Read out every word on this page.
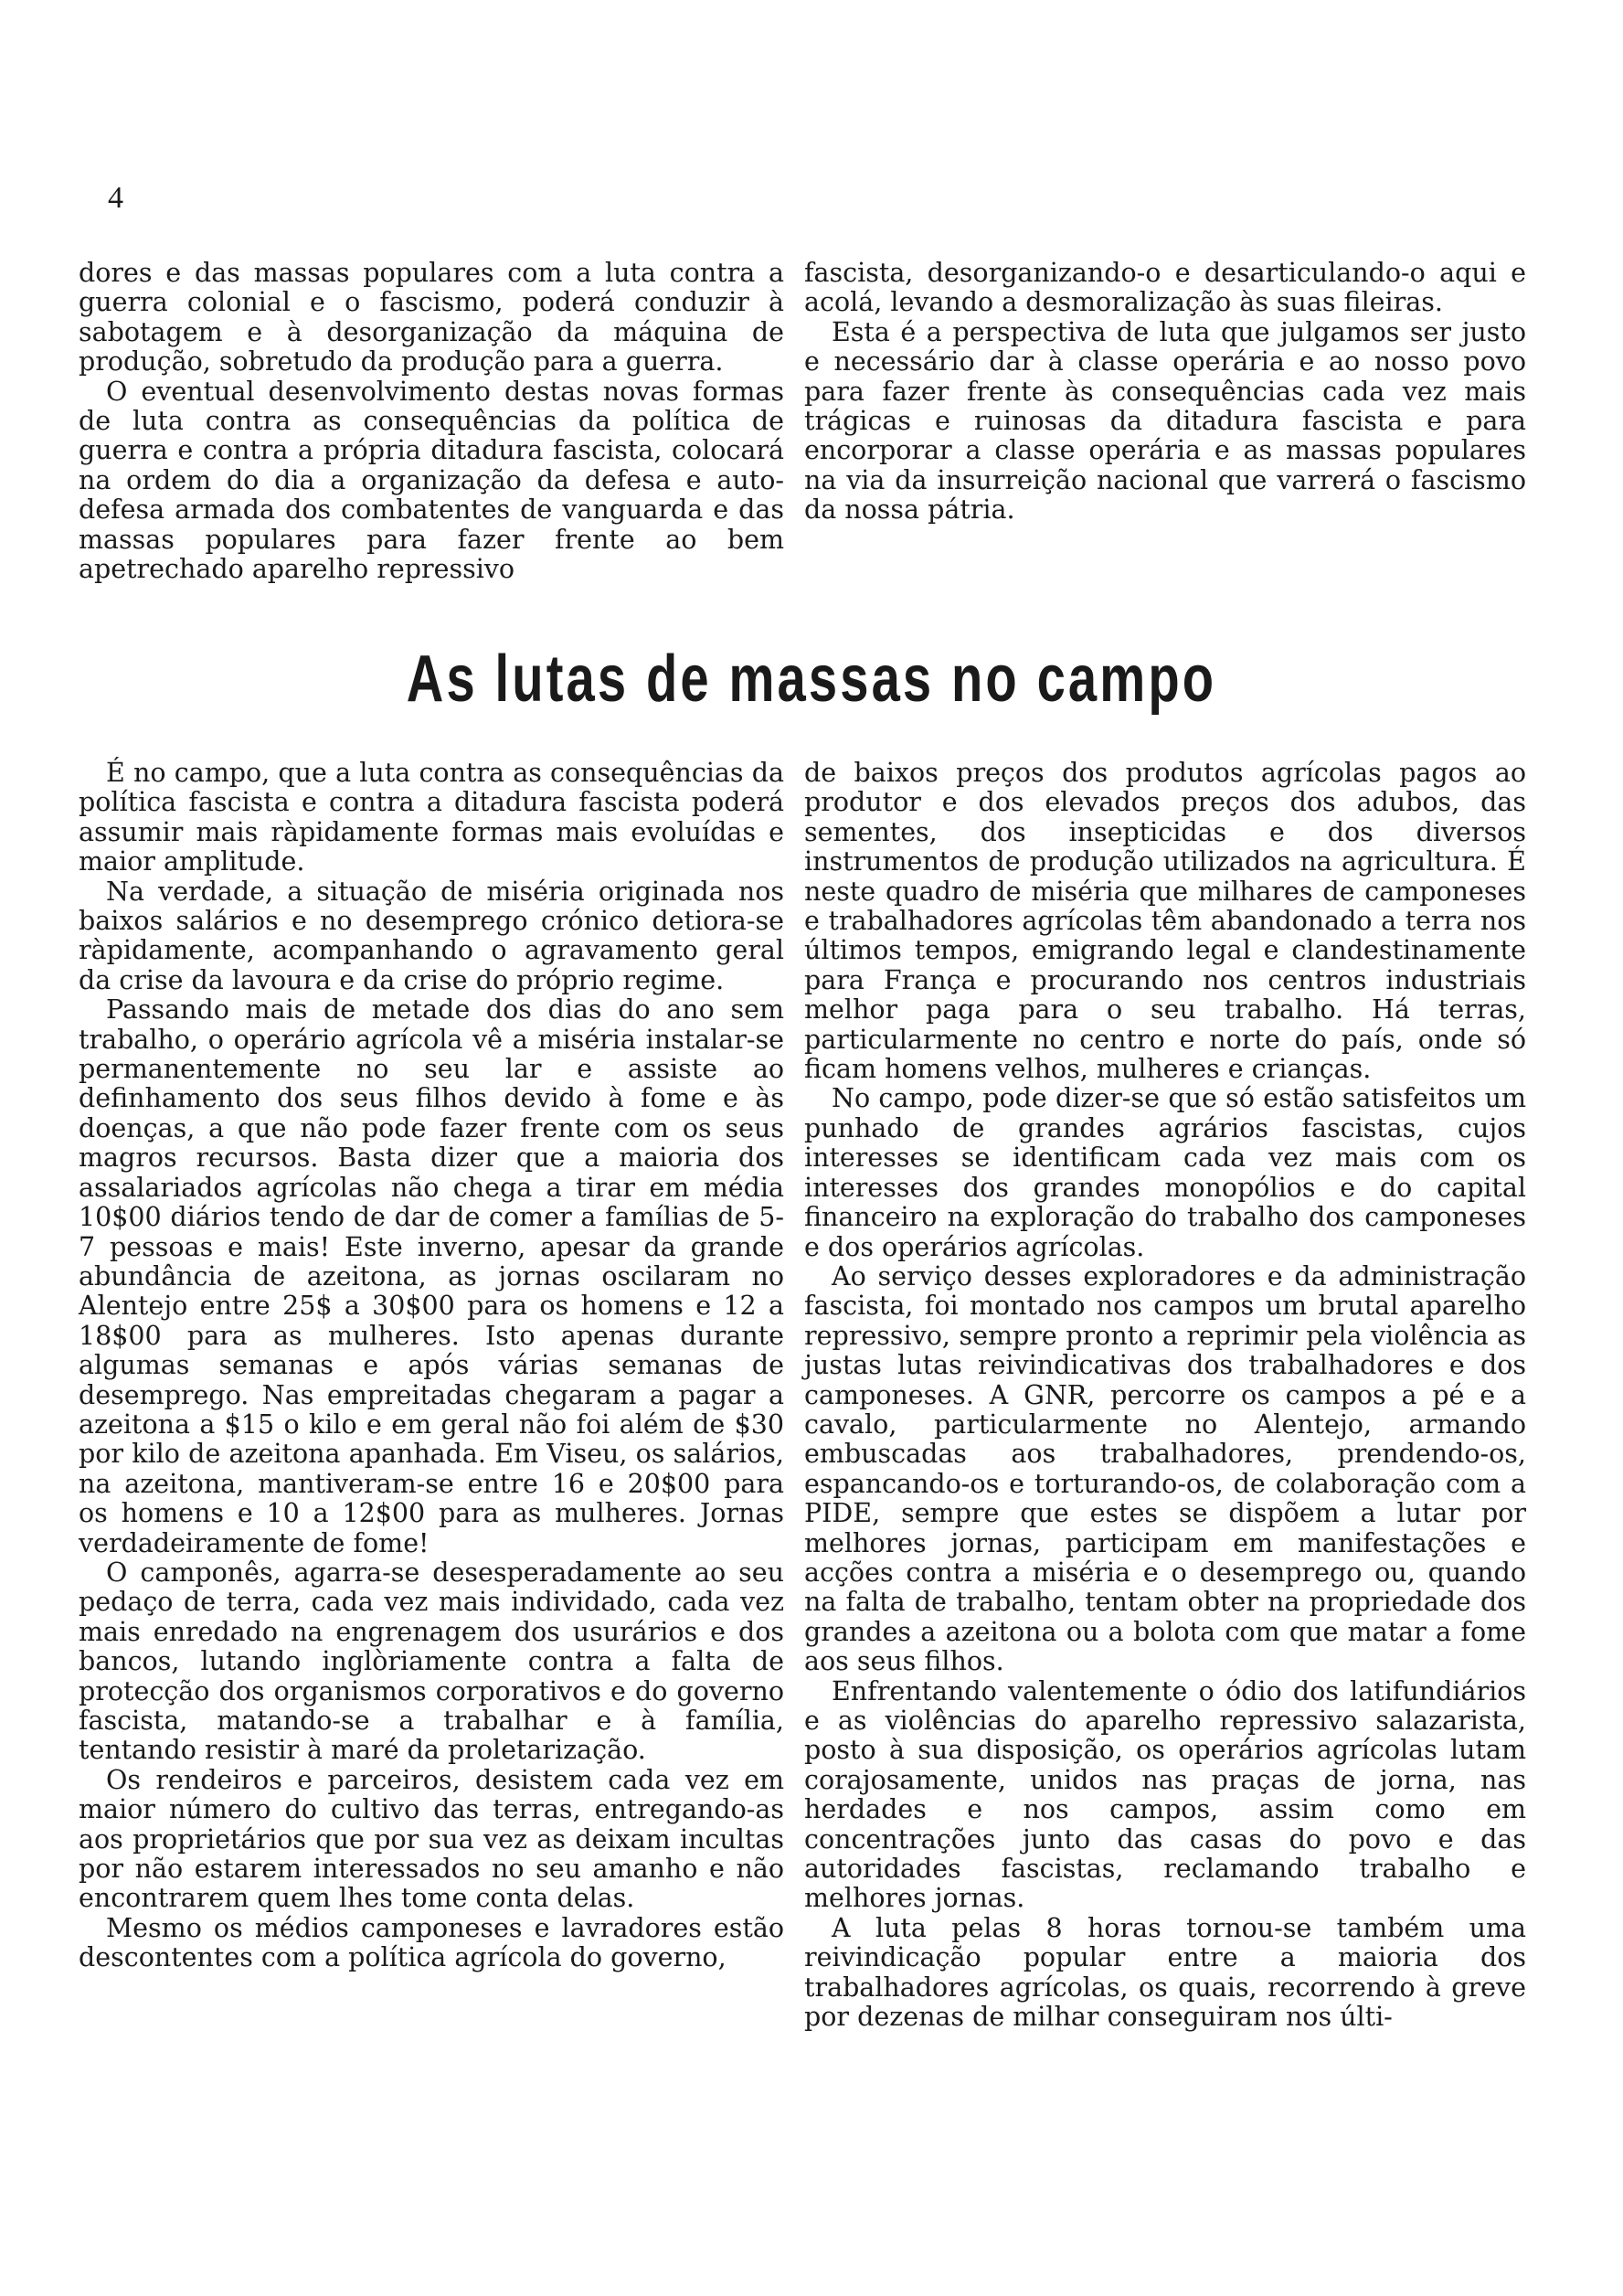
4

dores e das massas populares com a luta contra a guerra colonial e o fascismo, poderá conduzir à sabotagem e à desorganização da máquina de produção, sobretudo da produção para a guerra.

O eventual desenvolvimento destas novas formas de luta contra as consequências da política de guerra e contra a própria ditadura fascista, colocará na ordem do dia a organização da defesa e auto-defesa armada dos combatentes de vanguarda e das massas populares para fazer frente ao bem apetrechado aparelho repressivo

fascista, desorganizando-o e desarticulando-o aqui e acolá, levando a desmoralização às suas fileiras.

Esta é a perspectiva de luta que julgamos ser justo e necessário dar à classe operária e ao nosso povo para fazer frente às consequências cada vez mais trágicas e ruinosas da ditadura fascista e para encorporar a classe operária e as massas populares na via da insurreição nacional que varrerá o fascismo da nossa pátria.

As lutas de massas no campo

É no campo, que a luta contra as consequências da política fascista e contra a ditadura fascista poderá assumir mais ràpidamente formas mais evoluídas e maior amplitude.

Na verdade, a situação de miséria originada nos baixos salários e no desemprego crónico detiora-se ràpidamente, acompanhando o agravamento geral da crise da lavoura e da crise do próprio regime.

Passando mais de metade dos dias do ano sem trabalho, o operário agrícola vê a miséria instalar-se permanentemente no seu lar e assiste ao definhamento dos seus filhos devido à fome e às doenças, a que não pode fazer frente com os seus magros recursos. Basta dizer que a maioria dos assalariados agrícolas não chega a tirar em média 10$00 diários tendo de dar de comer a famílias de 5-7 pessoas e mais! Este inverno, apesar da grande abundância de azeitona, as jornas oscilaram no Alentejo entre 25$ a 30$00 para os homens e 12 a 18$00 para as mulheres. Isto apenas durante algumas semanas e após várias semanas de desemprego. Nas empreitadas chegaram a pagar a azeitona a $15 o kilo e em geral não foi além de $30 por kilo de azeitona apanhada. Em Viseu, os salários, na azeitona, mantiveram-se entre 16 e 20$00 para os homens e 10 a 12$00 para as mulheres. Jornas verdadeiramente de fome!

O camponês, agarra-se desesperadamente ao seu pedaço de terra, cada vez mais individado, cada vez mais enredado na engrenagem dos usurários e dos bancos, lutando inglòriamente contra a falta de protecção dos organismos corporativos e do governo fascista, matando-se a trabalhar e à família, tentando resistir à maré da proletarização.

Os rendeiros e parceiros, desistem cada vez em maior número do cultivo das terras, entregando-as aos proprietários que por sua vez as deixam incultas por não estarem interessados no seu amanho e não encontrarem quem lhes tome conta delas.

Mesmo os médios camponeses e lavradores estão descontentes com a política agrícola do governo,

de baixos preços dos produtos agrícolas pagos ao produtor e dos elevados preços dos adubos, das sementes, dos insepticidas e dos diversos instrumentos de produção utilizados na agricultura. É neste quadro de miséria que milhares de camponeses e trabalhadores agrícolas têm abandonado a terra nos últimos tempos, emigrando legal e clandestinamente para França e procurando nos centros industriais melhor paga para o seu trabalho. Há terras, particularmente no centro e norte do país, onde só ficam homens velhos, mulheres e crianças.

No campo, pode dizer-se que só estão satisfeitos um punhado de grandes agrários fascistas, cujos interesses se identificam cada vez mais com os interesses dos grandes monopólios e do capital financeiro na exploração do trabalho dos camponeses e dos operários agrícolas.

Ao serviço desses exploradores e da administração fascista, foi montado nos campos um brutal aparelho repressivo, sempre pronto a reprimir pela violência as justas lutas reivindicativas dos trabalhadores e dos camponeses. A GNR, percorre os campos a pé e a cavalo, particularmente no Alentejo, armando embuscadas aos trabalhadores, prendendo-os, espancando-os e torturando-os, de colaboração com a PIDE, sempre que estes se dispõem a lutar por melhores jornas, participam em manifestações e acções contra a miséria e o desemprego ou, quando na falta de trabalho, tentam obter na propriedade dos grandes a azeitona ou a bolota com que matar a fome aos seus filhos.

Enfrentando valentemente o ódio dos latifundiários e as violências do aparelho repressivo salazarista, posto à sua disposição, os operários agrícolas lutam corajosamente, unidos nas praças de jorna, nas herdades e nos campos, assim como em concentrações junto das casas do povo e das autoridades fascistas, reclamando trabalho e melhores jornas.

A luta pelas 8 horas tornou-se também uma reivindicação popular entre a maioria dos trabalhadores agrícolas, os quais, recorrendo à greve por dezenas de milhar conseguiram nos últi-
